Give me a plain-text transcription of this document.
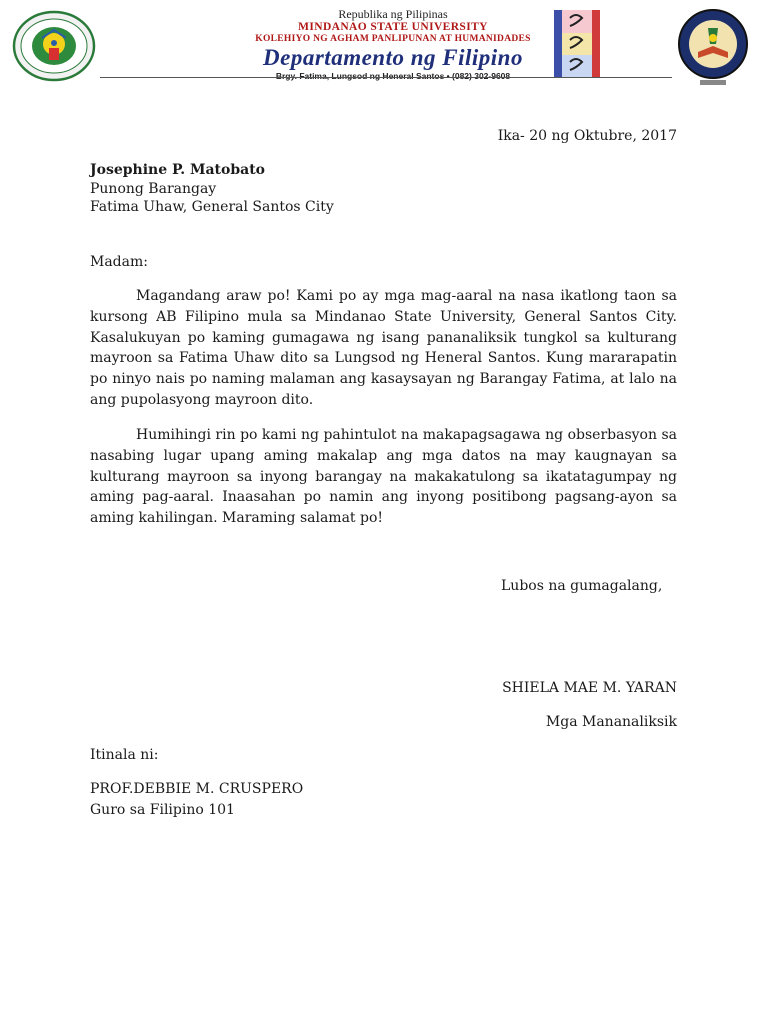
Republika ng Pilipinas
MINDANAO STATE UNIVERSITY
KOLEHIYO NG AGHAM PANLIPUNAN AT HUMANIDADES
Departamento ng Filipino
Brgy. Fatima, Lungsod ng Heneral Santos • (082) 302-9608

Ika- 20 ng Oktubre, 2017

Josephine P. Matobato

Punong Barangay

Fatima Uhaw, General Santos City

Madam:

Magandang araw po! Kami po ay mga mag-aaral na nasa ikatlong taon sa kursong AB Filipino mula sa Mindanao State University, General Santos City. Kasalukuyan po kaming gumagawa ng isang pananaliksik tungkol sa kulturang mayroon sa Fatima Uhaw dito sa Lungsod ng Heneral Santos. Kung mararapatin po ninyo nais po naming malaman ang kasaysayan ng Barangay Fatima, at lalo na ang pupolasyong mayroon dito.

Humihingi rin po kami ng pahintulot na makapagsagawa ng obserbasyon sa nasabing lugar upang aming makalap ang mga datos na may kaugnayan sa kulturang mayroon sa inyong barangay na makakatulong sa ikatatagumpay ng aming pag-aaral. Inaasahan po namin ang inyong positibong pagsang-ayon sa aming kahilingan. Maraming salamat po!

Lubos na gumagalang,

SHIELA MAE M. YARAN

Mga Mananaliksik

Itinala ni:

PROF.DEBBIE M. CRUSPERO

Guro sa Filipino 101
